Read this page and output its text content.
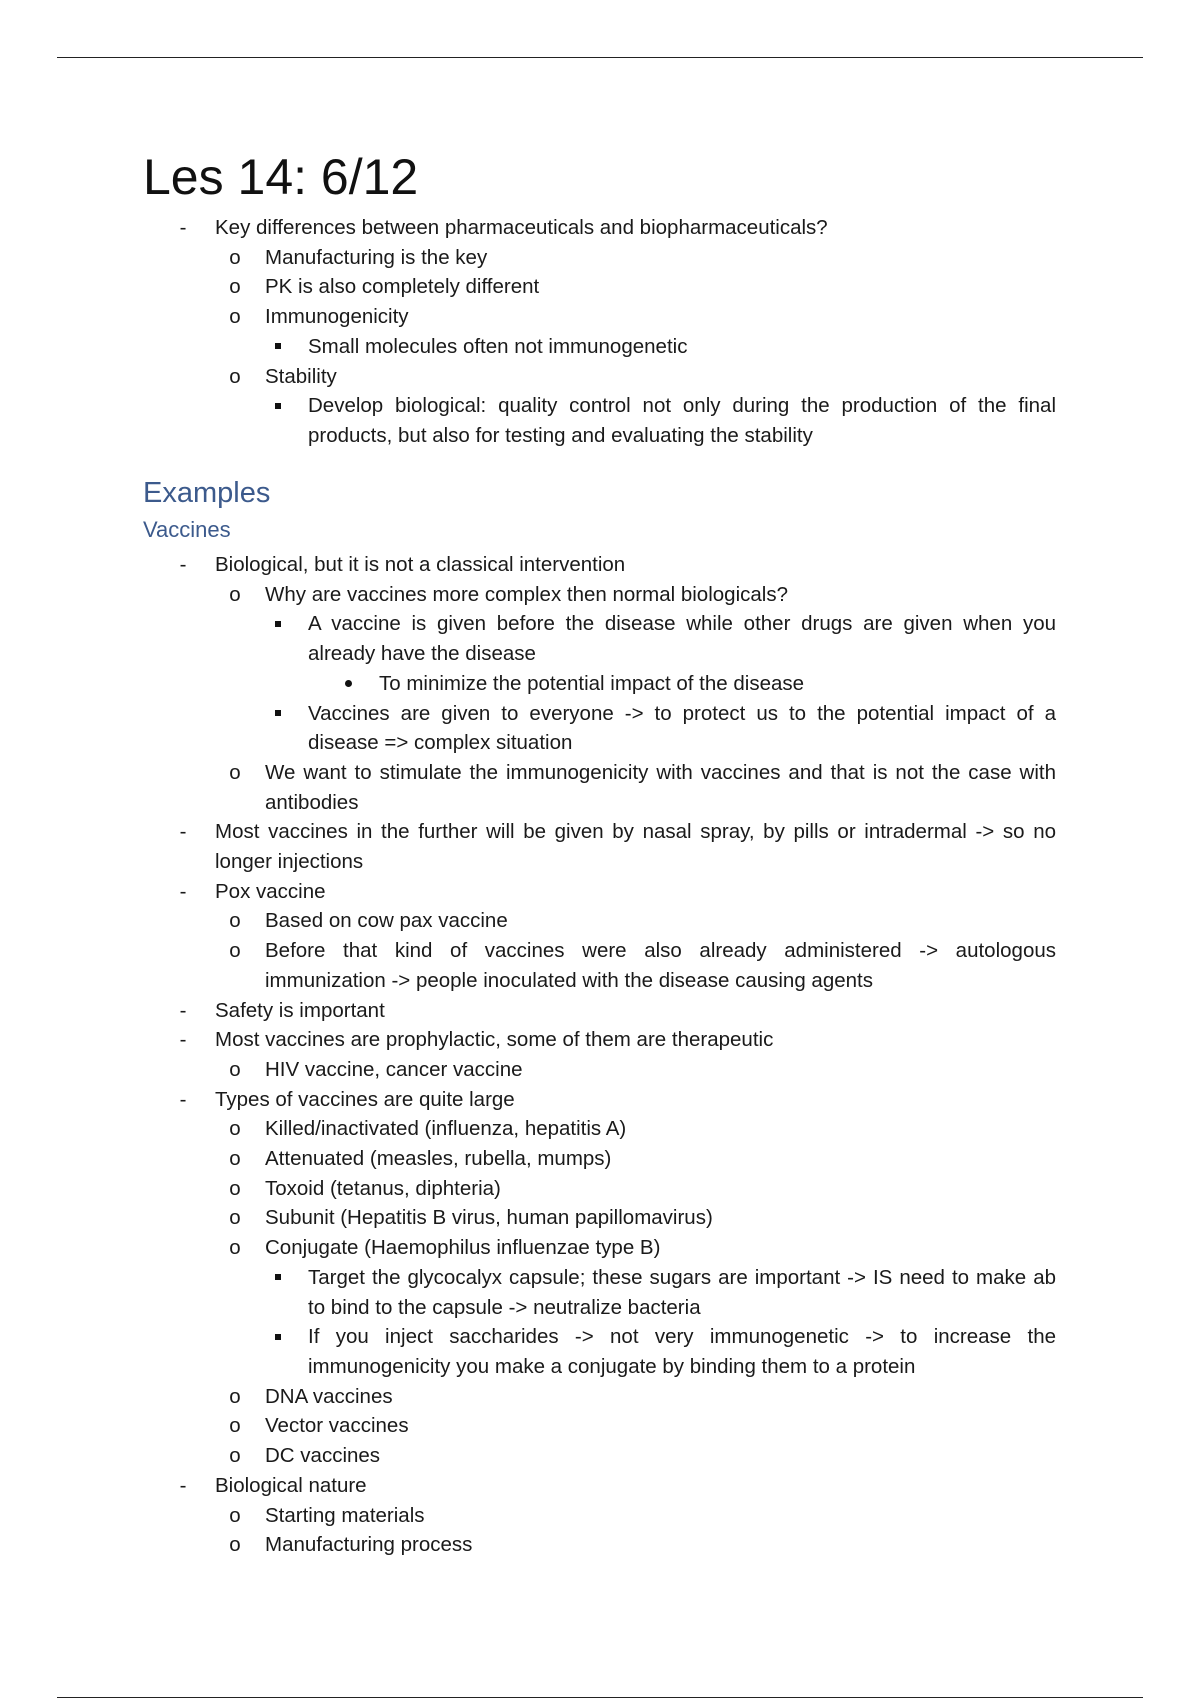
Les 14: 6/12
-
Key differences between pharmaceuticals and biopharmaceuticals?
o
Manufacturing is the key
o
PK is also completely different
o
Immunogenicity
Small molecules often not immunogenetic
o
Stability
Develop biological: quality control not only during the production of the final products, but also for testing and evaluating the stability
Examples
Vaccines
-
Biological, but it is not a classical intervention
o
Why are vaccines more complex then normal biologicals?
A vaccine is given before the disease while other drugs are given when you already have the disease
To minimize the potential impact of the disease
Vaccines are given to everyone -> to protect us to the potential impact of a disease => complex situation
o
We want to stimulate the immunogenicity with vaccines and that is not the case with antibodies
-
Most vaccines in the further will be given by nasal spray, by pills or intradermal -> so no longer injections
-
Pox vaccine
o
Based on cow pax vaccine
o
Before that kind of vaccines were also already administered -> autologous immunization -> people inoculated with the disease causing agents
-
Safety is important
-
Most vaccines are prophylactic, some of them are therapeutic
o
HIV vaccine, cancer vaccine
-
Types of vaccines are quite large
o
Killed/inactivated (influenza, hepatitis A)
o
Attenuated (measles, rubella, mumps)
o
Toxoid (tetanus, diphteria)
o
Subunit (Hepatitis B virus, human papillomavirus)
o
Conjugate (Haemophilus influenzae type B)
Target the glycocalyx capsule; these sugars are important -> IS need to make ab to bind to the capsule -> neutralize bacteria
If you inject saccharides -> not very immunogenetic -> to increase the immunogenicity you make a conjugate by binding them to a protein
o
DNA vaccines
o
Vector vaccines
o
DC vaccines
-
Biological nature
o
Starting materials
o
Manufacturing process
